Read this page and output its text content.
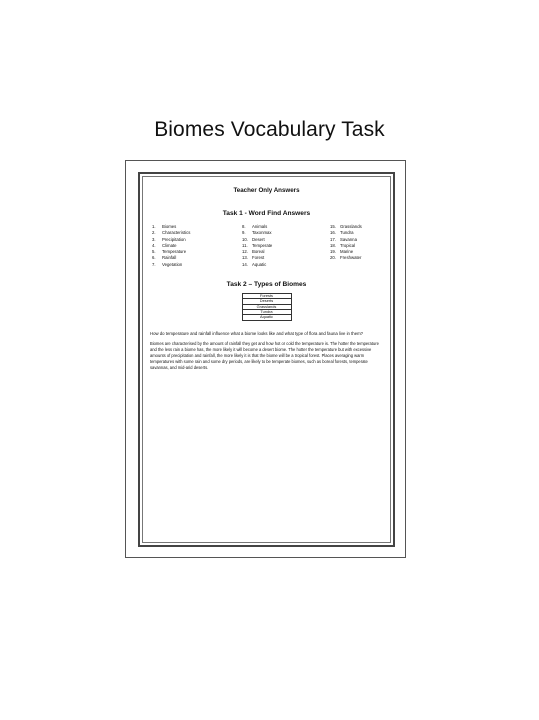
Biomes Vocabulary Task

Teacher Only Answers

Task 1 - Word Find Answers

1.	Biomes
2.	Characteristics
3.	Precipitation
4.	Climate
5.	Temperature
6.	Rainfall
7.	Vegetation
8.	Animals
9.	Taxonmax
10. Desert
11.	Temperate
12. Boreal
13. Forest
14. Aquatic
15. Grasslands
16. Tundra
17. Savanna
18. Tropical
19. Marine
20. Freshwater

Task 2 – Types of Biomes

Forests
Deserts
Grasslands
Tundra
Aquatic

How do temperature and rainfall influence what a biome looks like and what type of flora and fauna live in them?

Biomes are characterised by the amount of rainfall they get and how hot or cold the temperature is. The hotter the temperature and the less rain a biome has, the more likely it will become a desert biome. The hotter the temperature but with excessive amounts of precipitation and rainfall, the more likely it is that the biome will be a tropical forest. Places averaging warm temperatures with some rain and some dry periods, are likely to be temperate biomes, such as boreal forests, temperate savannas, and mid-arid deserts.
